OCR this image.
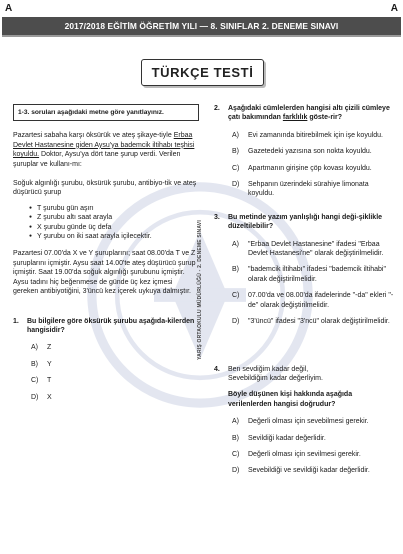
A	A
2017/2018 EĞİTİM ÖĞRETİM YILI — 8. SINIFLAR 2. DENEME SINAVI
TÜRKÇE TESTİ
YARIŞ ORTAOKULU MÜDÜRLÜĞÜ - 2. DENEME SINAVI
1-3. soruları aşağıdaki metne göre yanıtlayınız.
Pazartesi sabaha karşı öksürük ve ateş şikaye-tiyle Erbaa Devlet Hastanesine giden Aysu'ya bademcik iltihabı teşhisi koyuldu. Doktor, Aysu'ya dört tane şurup verdi. Verilen şuruplar ve kullanı-mı:
Soğuk algınlığı şurubu, öksürük şurubu, antibiyo-tik ve ateş düşürücü şurup
● T şurubu gün aşırı
● Z şurubu altı saat arayla
● X şurubu günde üç defa
● Y şurubu on iki saat arayla içilecektir.
Pazartesi 07.00'da X ve Y şuruplarını; saat 08.00'da T ve Z şuruplarını içmiştir. Aysu saat 14.00'te ateş düşürücü şurup içmiştir. Saat 19.00'da soğuk algınlığı şurubunu içmiştir. Aysu tadını hiç beğenmese de günde üç kez içmesi gereken antibiyotiğini, 3'üncü kez içerek uykuya dalmıştır.
1.	Bu bilgilere göre öksürük şurubu aşağıda-kilerden hangisidir?
A)	Z
B)	Y
C)	T
D)	X
2.	Aşağıdaki cümlelerden hangisi altı çizili cümleye çatı bakımından farklılık göste-rir?
A)	Evi zamanında bitirebilmek için işe koyuldu.
B)	Gazetedeki yazısına son nokta koyuldu.
C)	Apartmanın girişine çöp kovası koyuldu.
D)	Sehpanın üzerindeki sürahiye limonata koyuldu.
3.	Bu metinde yazım yanlışlığı hangi deği-şiklikle düzeltilebilir?
A)	"Erbaa Devlet Hastanesine" ifadesi "Erbaa Devlet Hastanesi'ne" olarak değiştirilmelidir.
B)	"bademcik iltihabı" ifadesi "bademcik iltihabi" olarak değiştirilmelidir.
C)	07.00'da ve 08.00'da ifadelerinde "-da" ekleri "-de" olarak değiştirilmelidir.
D)	"3'üncü" ifadesi "3'ncü" olarak değiştirilmelidir.
4.	Ben sevdiğim kadar değil,
Sevebildiğim kadar değerliyim.
Böyle düşünen kişi hakkında aşağıda verilenlerden hangisi doğrudur?
A)	Değerli olması için sevebilmesi gerekir.
B)	Sevildiği kadar değerlidir.
C)	Değerli olması için sevilmesi gerekir.
D)	Sevebildiği ve sevildiği kadar değerlidir.
